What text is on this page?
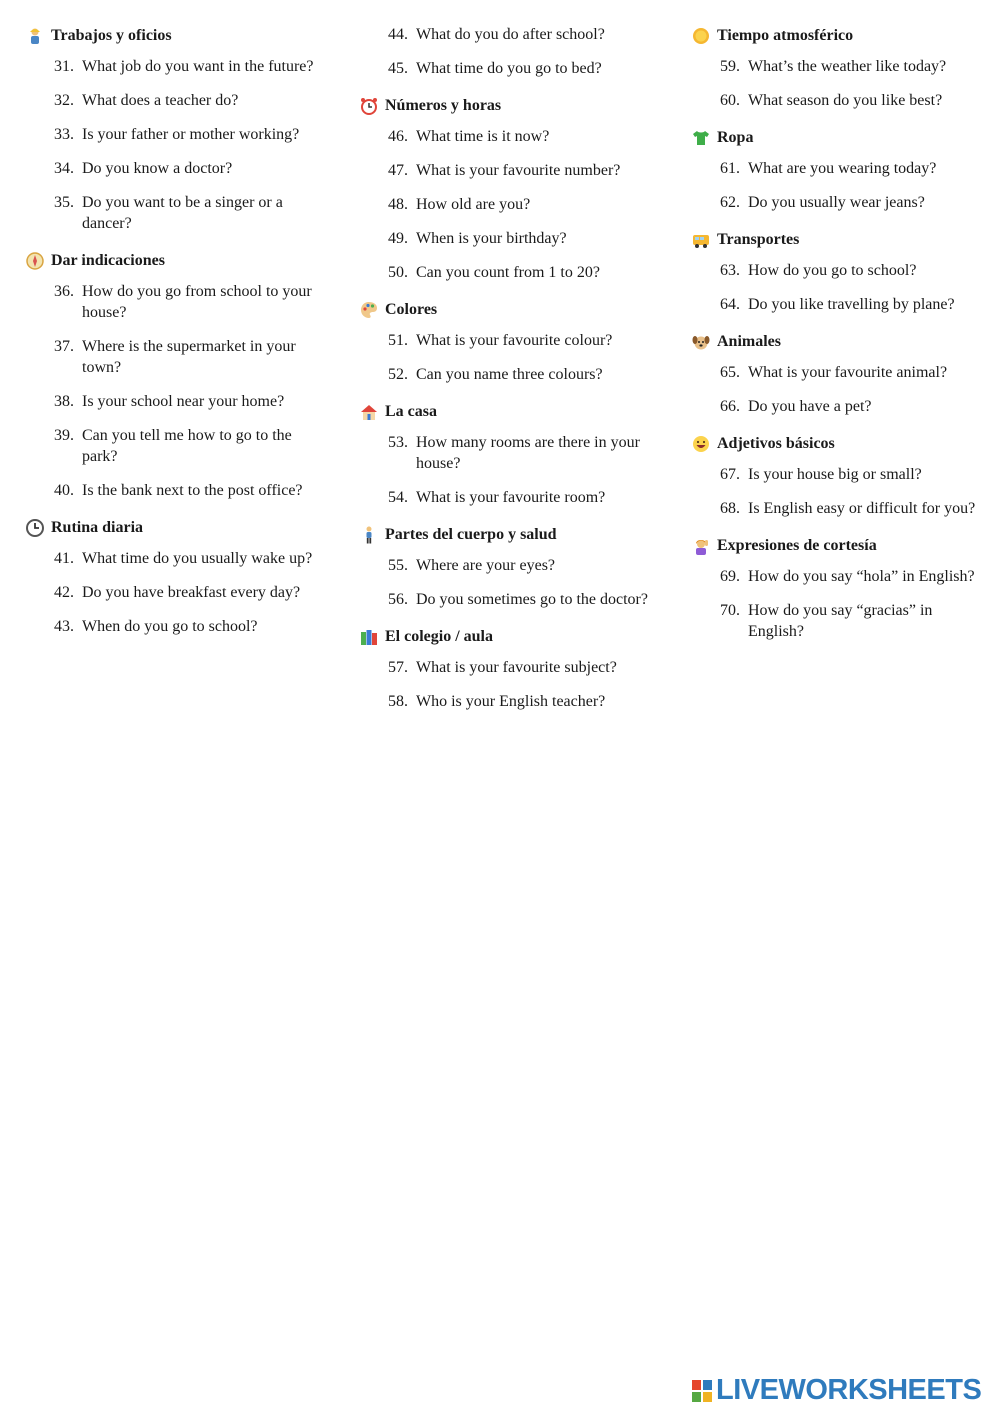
Trabajos y oficios
31. What job do you want in the future?
32. What does a teacher do?
33. Is your father or mother working?
34. Do you know a doctor?
35. Do you want to be a singer or a dancer?
Dar indicaciones
36. How do you go from school to your house?
37. Where is the supermarket in your town?
38. Is your school near your home?
39. Can you tell me how to go to the park?
40. Is the bank next to the post office?
Rutina diaria
41. What time do you usually wake up?
42. Do you have breakfast every day?
43. When do you go to school?
44. What do you do after school?
45. What time do you go to bed?
Números y horas
46. What time is it now?
47. What is your favourite number?
48. How old are you?
49. When is your birthday?
50. Can you count from 1 to 20?
Colores
51. What is your favourite colour?
52. Can you name three colours?
La casa
53. How many rooms are there in your house?
54. What is your favourite room?
Partes del cuerpo y salud
55. Where are your eyes?
56. Do you sometimes go to the doctor?
El colegio / aula
57. What is your favourite subject?
58. Who is your English teacher?
Tiempo atmosférico
59. What’s the weather like today?
60. What season do you like best?
Ropa
61. What are you wearing today?
62. Do you usually wear jeans?
Transportes
63. How do you go to school?
64. Do you like travelling by plane?
Animales
65. What is your favourite animal?
66. Do you have a pet?
Adjetivos básicos
67. Is your house big or small?
68. Is English easy or difficult for you?
Expresiones de cortesía
69. How do you say “hola” in English?
70. How do you say “gracias” in English?
LIVEWORKSHEETS
